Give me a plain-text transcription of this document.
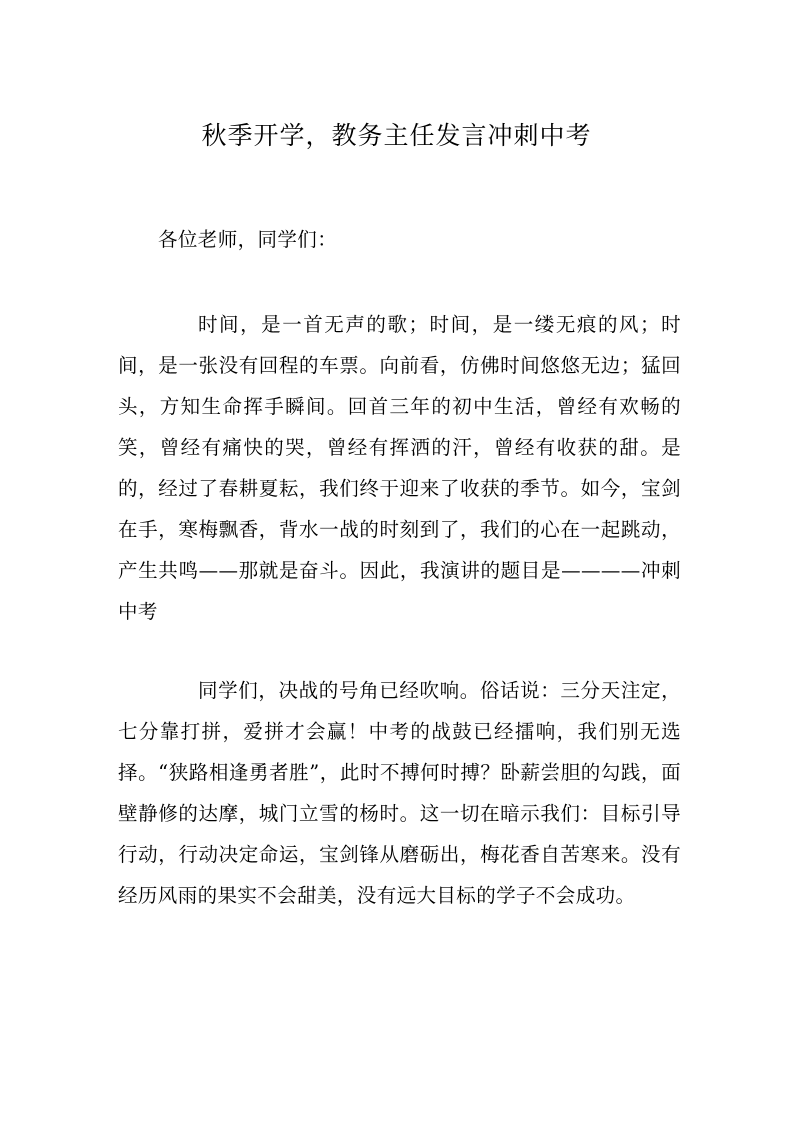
秋季开学，教务主任发言冲刺中考

各位老师，同学们：

时间，是一首无声的歌；时间，是一缕无痕的风；时间，是一张没有回程的车票。向前看，仿佛时间悠悠无边；猛回头，方知生命挥手瞬间。回首三年的初中生活，曾经有欢畅的笑，曾经有痛快的哭，曾经有挥洒的汗，曾经有收获的甜。是的，经过了春耕夏耘，我们终于迎来了收获的季节。如今，宝剑在手，寒梅飘香，背水一战的时刻到了，我们的心在一起跳动，产生共鸣——那就是奋斗。因此，我演讲的题目是————冲刺中考

同学们，决战的号角已经吹响。俗话说：三分天注定，七分靠打拼，爱拼才会赢！中考的战鼓已经擂响，我们别无选择。“狭路相逢勇者胜”，此时不搏何时搏？卧薪尝胆的勾践，面壁静修的达摩，城门立雪的杨时。这一切在暗示我们：目标引导行动，行动决定命运，宝剑锋从磨砺出，梅花香自苦寒来。没有经历风雨的果实不会甜美，没有远大目标的学子不会成功。
